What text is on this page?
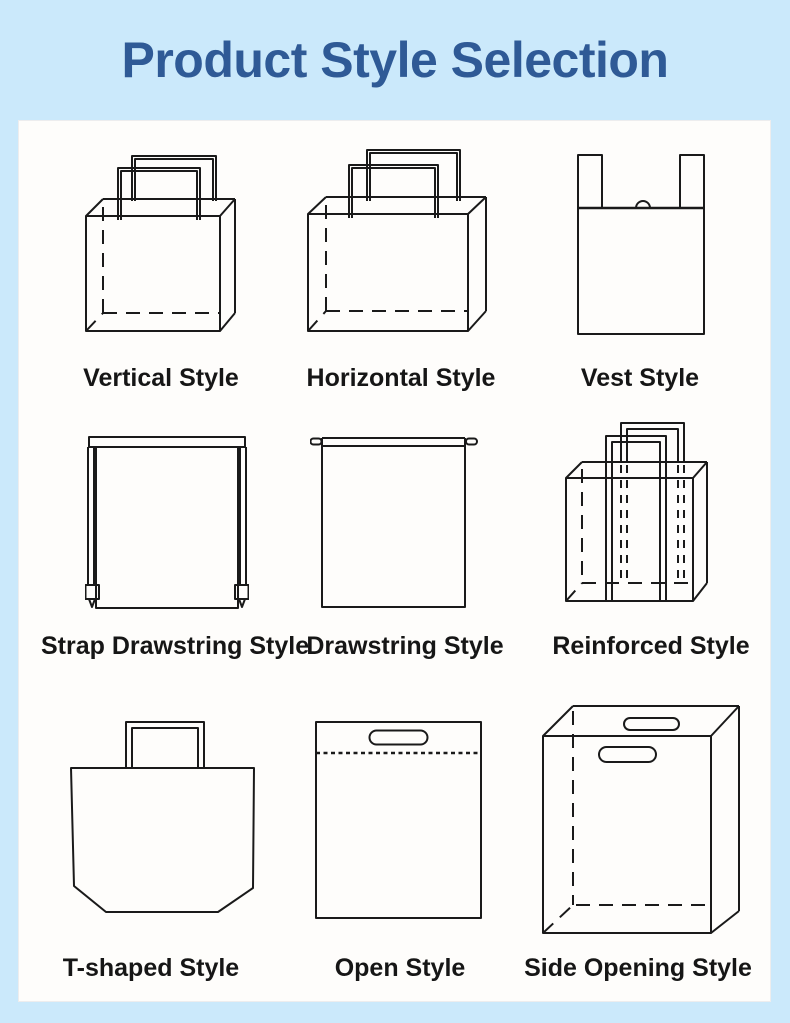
Product Style Selection
Vertical Style	Horizontal Style	Vest Style
Strap Drawstring Style
Drawstring Style	Reinforced Style
T-shaped Style	Open Style	Side Opening Style
